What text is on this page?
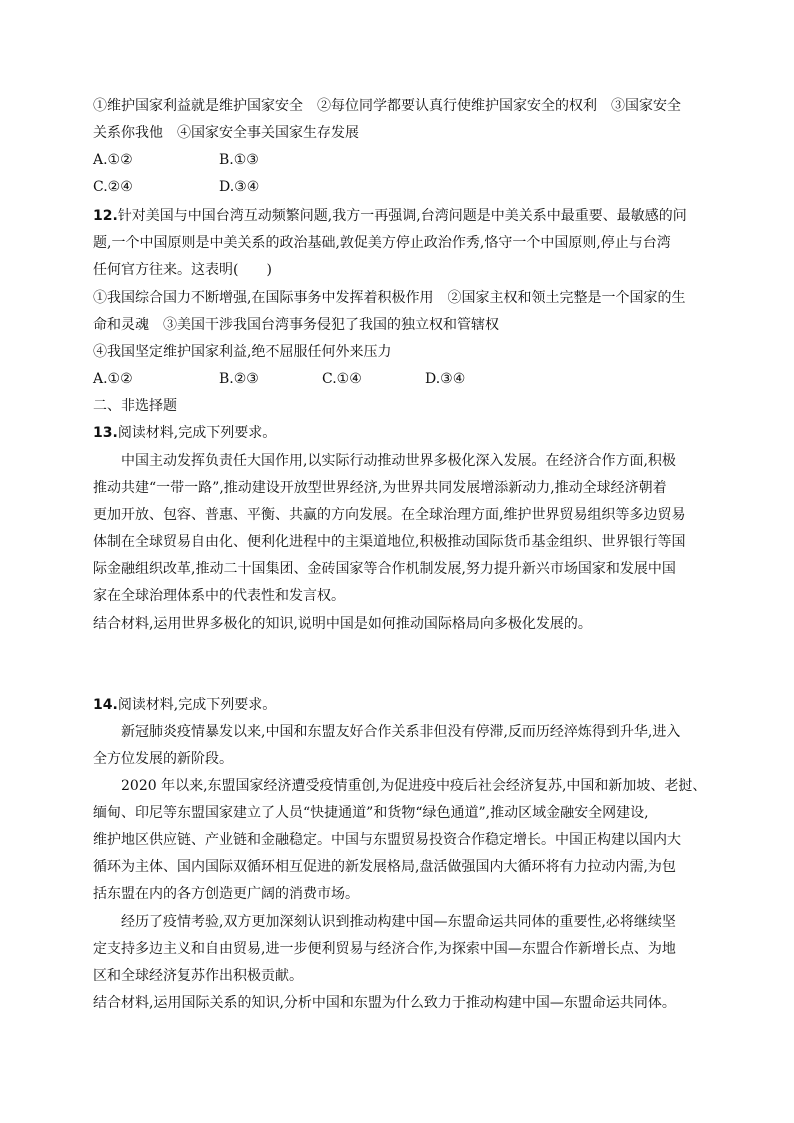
①维护国家利益就是维护国家安全　②每位同学都要认真行使维护国家安全的权利　③国家安全
关系你我他　④国家安全事关国家生存发展
A.①②	B.①③
C.②④	D.③④
12.针对美国与中国台湾互动频繁问题,我方一再强调,台湾问题是中美关系中最重要、最敏感的问
题,一个中国原则是中美关系的政治基础,敦促美方停止政治作秀,恪守一个中国原则,停止与台湾
任何官方往来。这表明(　　)
①我国综合国力不断增强,在国际事务中发挥着积极作用　②国家主权和领土完整是一个国家的生
命和灵魂　③美国干涉我国台湾事务侵犯了我国的独立权和管辖权
④我国坚定维护国家利益,绝不屈服任何外来压力
A.①②	B.②③	C.①④	D.③④
二、非选择题
13.阅读材料,完成下列要求。
中国主动发挥负责任大国作用,以实际行动推动世界多极化深入发展。在经济合作方面,积极
推动共建“一带一路”,推动建设开放型世界经济,为世界共同发展增添新动力,推动全球经济朝着
更加开放、包容、普惠、平衡、共赢的方向发展。在全球治理方面,维护世界贸易组织等多边贸易
体制在全球贸易自由化、便利化进程中的主渠道地位,积极推动国际货币基金组织、世界银行等国
际金融组织改革,推动二十国集团、金砖国家等合作机制发展,努力提升新兴市场国家和发展中国
家在全球治理体系中的代表性和发言权。
结合材料,运用世界多极化的知识,说明中国是如何推动国际格局向多极化发展的。
14.阅读材料,完成下列要求。
新冠肺炎疫情暴发以来,中国和东盟友好合作关系非但没有停滞,反而历经淬炼得到升华,进入
全方位发展的新阶段。
2020 年以来,东盟国家经济遭受疫情重创,为促进疫中疫后社会经济复苏,中国和新加坡、老挝、
缅甸、印尼等东盟国家建立了人员“快捷通道”和货物“绿色通道”,推动区域金融安全网建设,
维护地区供应链、产业链和金融稳定。中国与东盟贸易投资合作稳定增长。中国正构建以国内大
循环为主体、国内国际双循环相互促进的新发展格局,盘活做强国内大循环将有力拉动内需,为包
括东盟在内的各方创造更广阔的消费市场。
经历了疫情考验,双方更加深刻认识到推动构建中国—东盟命运共同体的重要性,必将继续坚
定支持多边主义和自由贸易,进一步便利贸易与经济合作,为探索中国—东盟合作新增长点、为地
区和全球经济复苏作出积极贡献。
结合材料,运用国际关系的知识,分析中国和东盟为什么致力于推动构建中国—东盟命运共同体。
